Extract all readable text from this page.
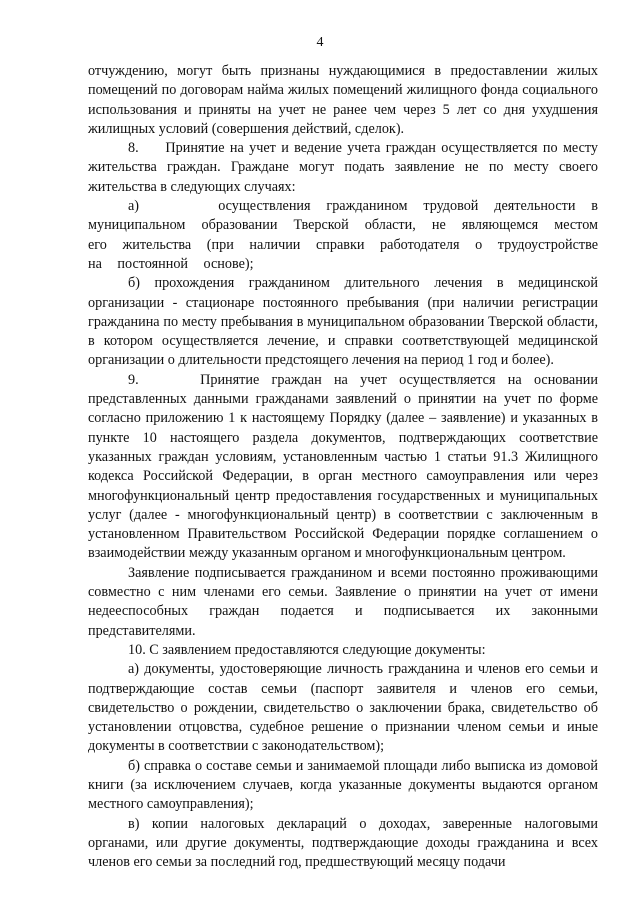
4

отчуждению, могут быть признаны нуждающимися в предоставлении жилых помещений по договорам найма жилых помещений жилищного фонда социального использования и приняты на учет не ранее чем через 5 лет со дня ухудшения жилищных условий (совершения действий, сделок).

8.     Принятие на учет и ведение учета граждан осуществляется по месту жительства граждан. Граждане могут подать заявление не по месту своего жительства в следующих случаях:

а)     осуществления гражданином трудовой деятельности в муниципальном образовании Тверской области, не являющемся местом его жительства (при наличии справки работодателя о трудоустройстве на постоянной основе);

б) прохождения гражданином длительного лечения в медицинской организации - стационаре постоянного пребывания (при наличии регистрации гражданина по месту пребывания в муниципальном образовании Тверской области, в котором осуществляется лечение, и справки соответствующей медицинской организации о длительности предстоящего лечения на период 1 год и более).

9.     Принятие граждан на учет осуществляется на основании представленных данными гражданами заявлений о принятии на учет по форме согласно приложению 1 к настоящему Порядку (далее – заявление) и указанных в пункте 10 настоящего раздела документов, подтверждающих соответствие указанных граждан условиям, установленным частью 1 статьи 91.3 Жилищного кодекса Российской Федерации, в орган местного самоуправления или через многофункциональный центр предоставления государственных и муниципальных услуг (далее - многофункциональный центр) в соответствии с заключенным в установленном Правительством Российской Федерации порядке соглашением о взаимодействии между указанным органом и многофункциональным центром.

Заявление подписывается гражданином и всеми постоянно проживающими совместно с ним членами его семьи. Заявление о принятии на учет от имени недееспособных граждан подается и подписывается их законными представителями.

10. С заявлением предоставляются следующие документы:

а) документы, удостоверяющие личность гражданина и членов его семьи и подтверждающие состав семьи (паспорт заявителя и членов его семьи, свидетельство о рождении, свидетельство о заключении брака, свидетельство об установлении отцовства, судебное решение о признании членом семьи и иные документы в соответствии с законодательством);

б) справка о составе семьи и занимаемой площади либо выписка из домовой книги (за исключением случаев, когда указанные документы выдаются органом местного самоуправления);

в) копии налоговых деклараций о доходах, заверенные налоговыми органами, или другие документы, подтверждающие доходы гражданина и всех членов его семьи за последний год, предшествующий месяцу подачи
